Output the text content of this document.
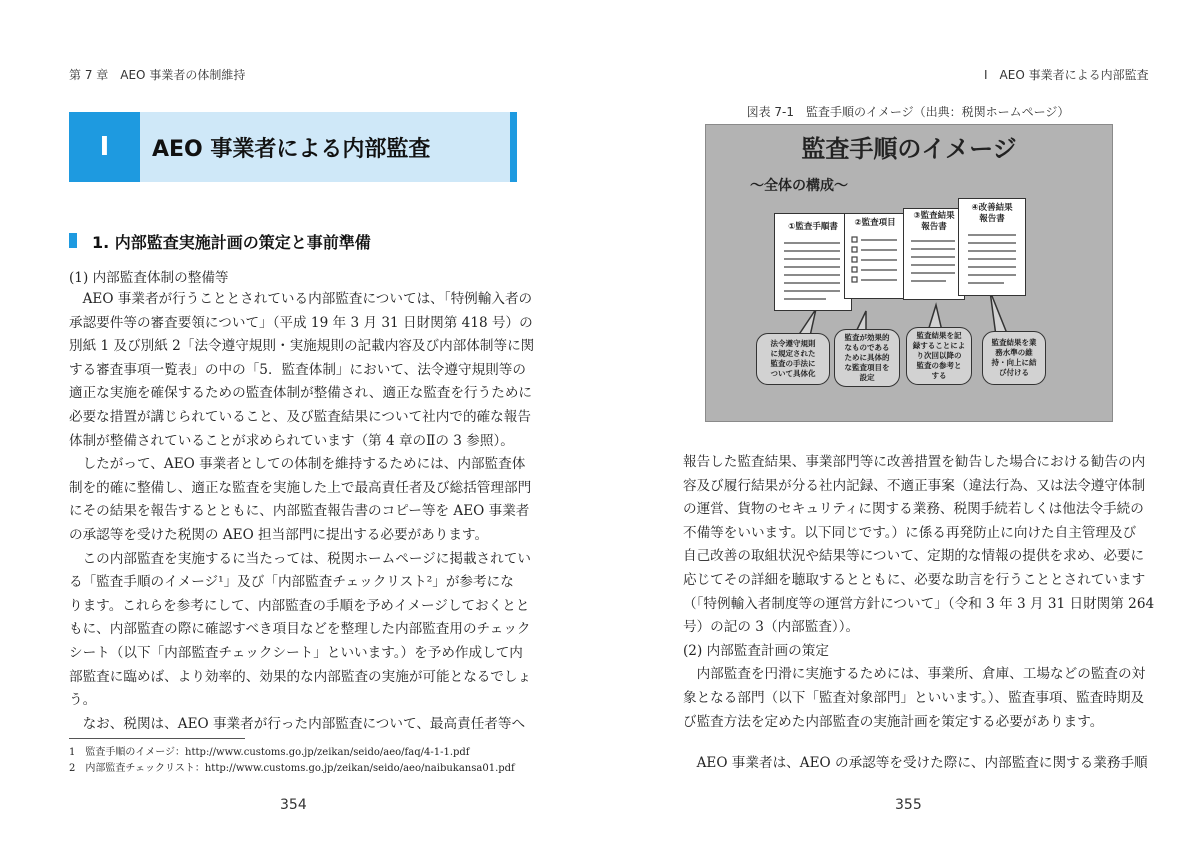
第 7 章　AEO 事業者の体制維持
I	AEO 事業者による内部監査
1. 内部監査実施計画の策定と事前準備
(1) 内部監査体制の整備等
　AEO 事業者が行うこととされている内部監査については、「特例輸入者の
承認要件等の審査要領について」（平成 19 年 3 月 31 日財関第 418 号）の
別紙 1 及び別紙 2「法令遵守規則・実施規則の記載内容及び内部体制等に関
する審査事項一覧表」の中の「5．監査体制」において、法令遵守規則等の
適正な実施を確保するための監査体制が整備され、適正な監査を行うために
必要な措置が講じられていること、及び監査結果について社内で的確な報告
体制が整備されていることが求められています（第 4 章のⅡの 3 参照）。
　したがって、AEO 事業者としての体制を維持するためには、内部監査体
制を的確に整備し、適正な監査を実施した上で最高責任者及び総括管理部門
にその結果を報告するとともに、内部監査報告書のコピー等を AEO 事業者
の承認等を受けた税関の AEO 担当部門に提出する必要があります。
　この内部監査を実施するに当たっては、税関ホームページに掲載されてい
る「監査手順のイメージ¹」及び「内部監査チェックリスト²」が参考にな
ります。これらを参考にして、内部監査の手順を予めイメージしておくとと
もに、内部監査の際に確認すべき項目などを整理した内部監査用のチェック
シート（以下「内部監査チェックシート」といいます。）を予め作成して内
部監査に臨めば、より効率的、効果的な内部監査の実施が可能となるでしょ
う。
　なお、税関は、AEO 事業者が行った内部監査について、最高責任者等へ
1　監査手順のイメージ：http://www.customs.go.jp/zeikan/seido/aeo/faq/4-1-1.pdf
2　内部監査チェックリスト：http://www.customs.go.jp/zeikan/seido/aeo/naibukansa01.pdf
354
I　AEO 事業者による内部監査
図表 7-1　監査手順のイメージ（出典：税関ホームページ）
監査手順のイメージ
～全体の構成～
①監査手順書	②監査項目
③監査結果
報告書
④改善結果
報告書
法令遵守規則
に規定された
監査の手法に
ついて具体化
監査が効果的
なものである
ために具体的
な監査項目を
設定
監査結果を記
録することによ
り次回以降の
監査の参考と
する
監査結果を業
務水準の維
持・向上に結
び付ける
報告した監査結果、事業部門等に改善措置を勧告した場合における勧告の内
容及び履行結果が分る社内記録、不適正事案（違法行為、又は法令遵守体制
の運営、貨物のセキュリティに関する業務、税関手続若しくは他法令手続の
不備等をいいます。以下同じです。）に係る再発防止に向けた自主管理及び
自己改善の取組状況や結果等について、定期的な情報の提供を求め、必要に
応じてその詳細を聴取するとともに、必要な助言を行うこととされています
（「特例輸入者制度等の運営方針について」（令和 3 年 3 月 31 日財関第 264
号）の記の 3（内部監査））。
(2) 内部監査計画の策定
　内部監査を円滑に実施するためには、事業所、倉庫、工場などの監査の対
象となる部門（以下「監査対象部門」といいます。）、監査事項、監査時期及
び監査方法を定めた内部監査の実施計画を策定する必要があります。
　AEO 事業者は、AEO の承認等を受けた際に、内部監査に関する業務手順
355
